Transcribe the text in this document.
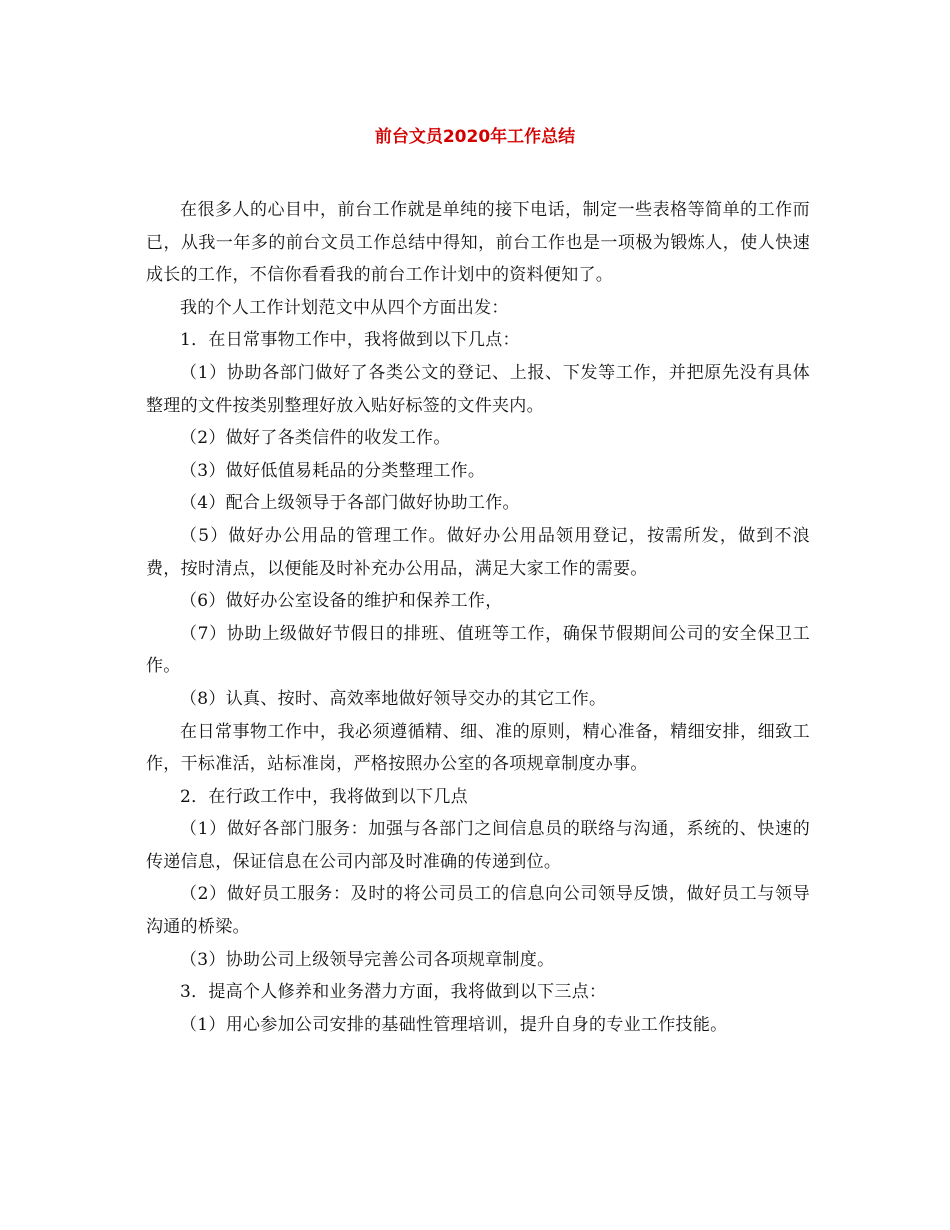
前台文员2020年工作总结

在很多人的心目中，前台工作就是单纯的接下电话，制定一些表格等简单的工作而已，从我一年多的前台文员工作总结中得知，前台工作也是一项极为锻炼人，使人快速成长的工作，不信你看看我的前台工作计划中的资料便知了。

我的个人工作计划范文中从四个方面出发：

1．在日常事物工作中，我将做到以下几点：

（1）协助各部门做好了各类公文的登记、上报、下发等工作，并把原先没有具体整理的文件按类别整理好放入贴好标签的文件夹内。

（2）做好了各类信件的收发工作。

（3）做好低值易耗品的分类整理工作。

（4）配合上级领导于各部门做好协助工作。

（5）做好办公用品的管理工作。做好办公用品领用登记，按需所发，做到不浪费，按时清点，以便能及时补充办公用品，满足大家工作的需要。

（6）做好办公室设备的维护和保养工作，

（7）协助上级做好节假日的排班、值班等工作，确保节假期间公司的安全保卫工作。

（8）认真、按时、高效率地做好领导交办的其它工作。

在日常事物工作中，我必须遵循精、细、准的原则，精心准备，精细安排，细致工作，干标准活，站标准岗，严格按照办公室的各项规章制度办事。

2．在行政工作中，我将做到以下几点

（1）做好各部门服务：加强与各部门之间信息员的联络与沟通，系统的、快速的传递信息，保证信息在公司内部及时准确的传递到位。

（2）做好员工服务：及时的将公司员工的信息向公司领导反馈，做好员工与领导沟通的桥梁。

（3）协助公司上级领导完善公司各项规章制度。

3．提高个人修养和业务潜力方面，我将做到以下三点：

（1）用心参加公司安排的基础性管理培训，提升自身的专业工作技能。
